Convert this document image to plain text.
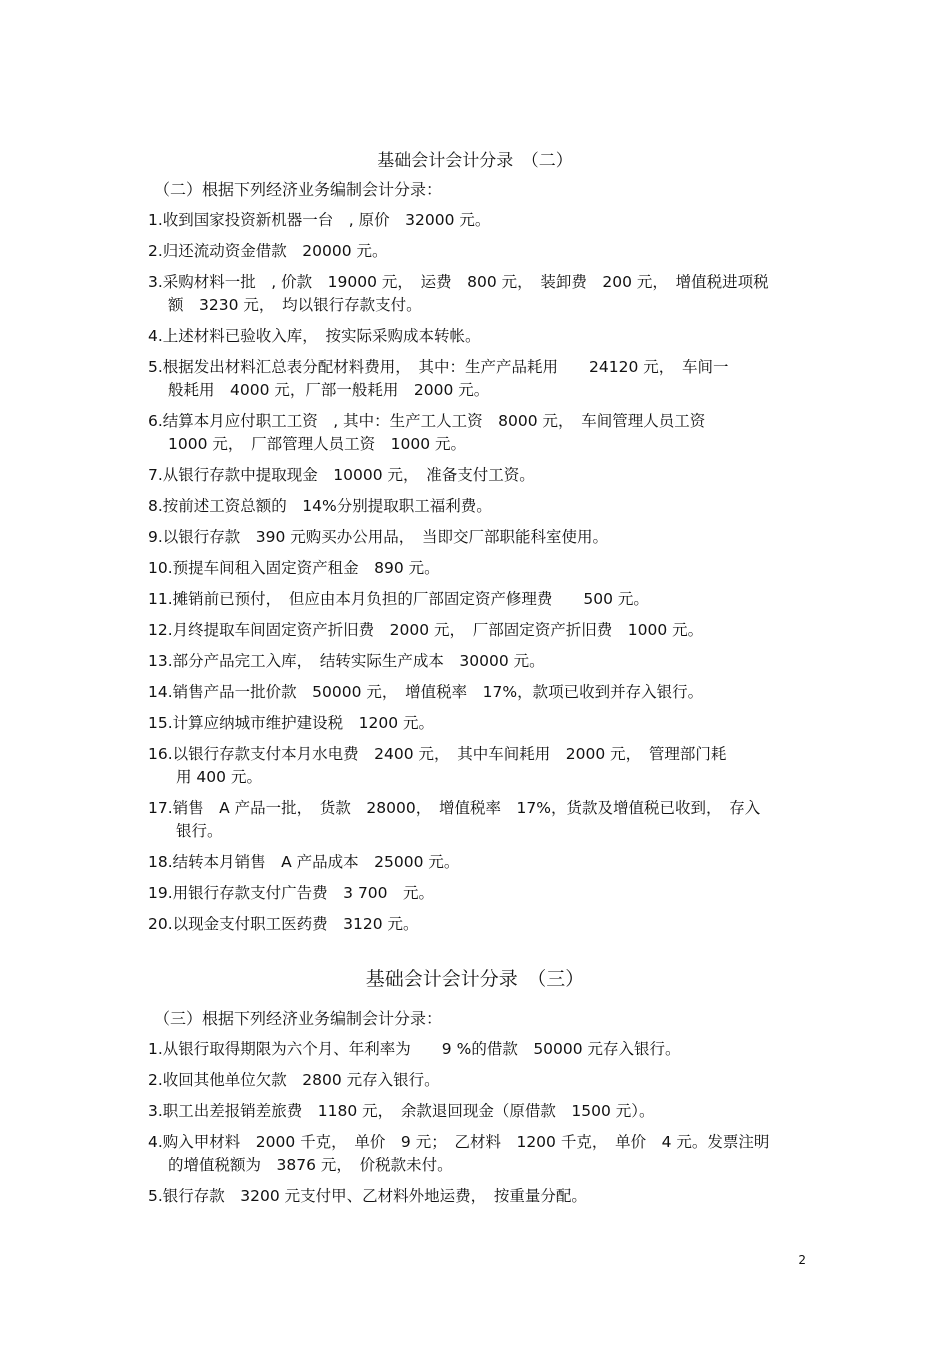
基础会计会计分录　（二）
（二）根据下列经济业务编制会计分录：
1.收到国家投资新机器一台　, 原价　32000 元。
2.归还流动资金借款　20000 元。
3.采购材料一批　, 价款　19000 元，　运费　800 元，　装卸费　200 元，　增值税进项税
额　3230 元，　均以银行存款支付。
4.上述材料已验收入库，　按实际采购成本转帐。
5.根据发出材料汇总表分配材料费用，　其中：生产产品耗用　　24120 元，　车间一
般耗用　4000 元，厂部一般耗用　2000 元。
6.结算本月应付职工工资　, 其中：生产工人工资　8000 元，　车间管理人员工资
1000 元，　厂部管理人员工资　1000 元。
7.从银行存款中提取现金　10000 元，　准备支付工资。
8.按前述工资总额的　14%分别提取职工福利费。
9.以银行存款　390 元购买办公用品，　当即交厂部职能科室使用。
10.预提车间租入固定资产租金　890 元。
11.摊销前已预付，　但应由本月负担的厂部固定资产修理费　　500 元。
12.月终提取车间固定资产折旧费　2000 元，　厂部固定资产折旧费　1000 元。
13.部分产品完工入库，　结转实际生产成本　30000 元。
14.销售产品一批价款　50000 元，　增值税率　17%，款项已收到并存入银行。
15.计算应纳城市维护建设税　1200 元。
16.以银行存款支付本月水电费　2400 元，　其中车间耗用　2000 元，　管理部门耗
用 400 元。
17.销售　A 产品一批，　货款　28000，　增值税率　17%，货款及增值税已收到，　存入
银行。
18.结转本月销售　A 产品成本　25000 元。
19.用银行存款支付广告费　3 700　元。
20.以现金支付职工医药费　3120 元。
基础会计会计分录　（三）
（三）根据下列经济业务编制会计分录：
1.从银行取得期限为六个月、年利率为　　9 %的借款　50000 元存入银行。
2.收回其他单位欠款　2800 元存入银行。
3.职工出差报销差旅费　1180 元，　余款退回现金（原借款　1500 元）。
4.购入甲材料　2000 千克，　单价　9 元；　乙材料　1200 千克，　单价　4 元。发票注明
的增值税额为　3876 元，　价税款未付。
5.银行存款　3200 元支付甲、乙材料外地运费，　按重量分配。
2
